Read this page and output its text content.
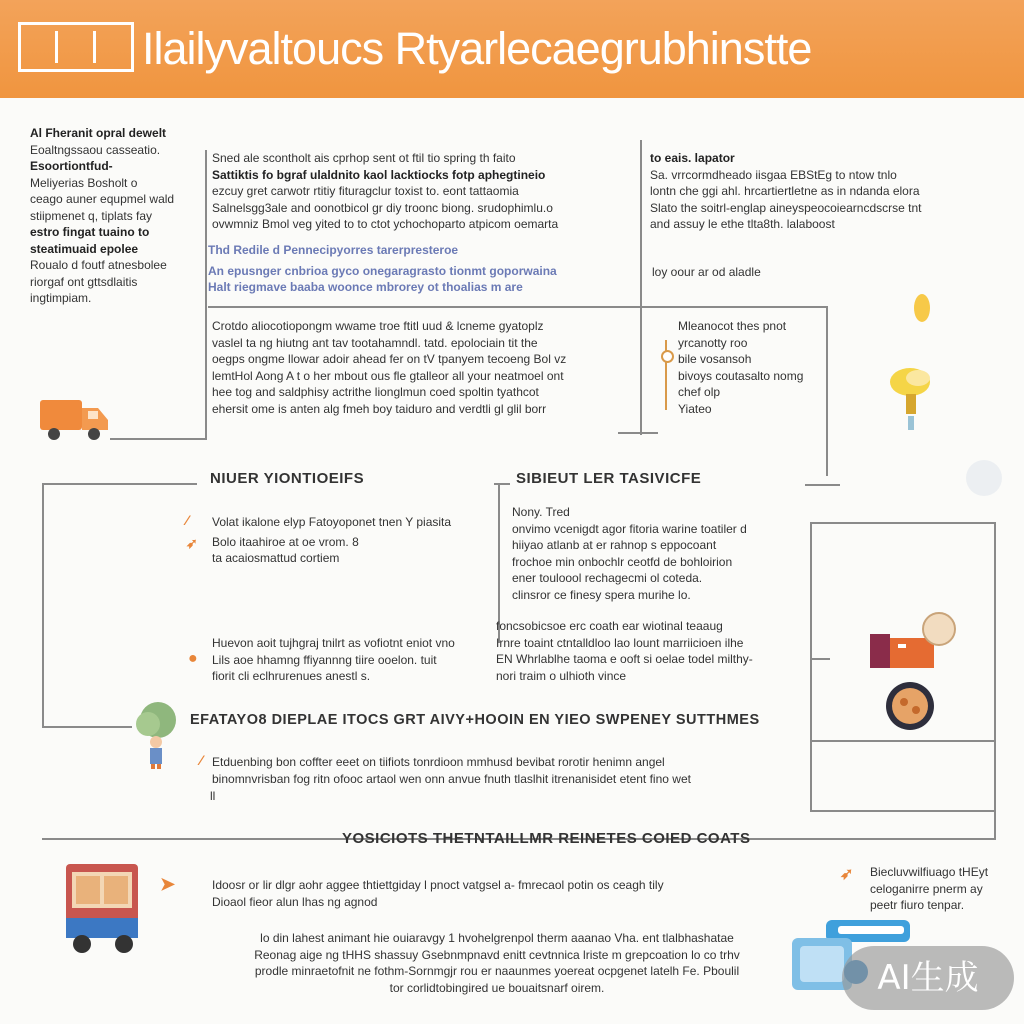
Ilailyvaltoucs Rtyarlecaegrubhinstte
Al Fheranit opral dewelt
Eoaltngssaou casseatio.
Esoortiontfud-
Meliyerias Bosholt o
ceago auner equpmel wald
stiipmenet q, tiplats fay
estro fingat tuaino to
steatimuaid epolee
Roualo d foutf atnesbolee
riorgaf ont gttsdlaitis
ingtimpiam.
Sned ale scontholt ais cprhop sent ot ftil tio spring th faito
Sattiktis fo bgraf ulaldnito kaol lacktiocks fotp aphegtineio
ezcuy gret carwotr rtitiy fituragclur toxist to. eont tattaomia
Salnelsgg3ale and oonotbicol gr diy troonc biong. srudophimlu.o
ovwmniz Bmol veg yited to to ctot ychochoparto atpicom oemarta
Thd Redile d Pennecipyorres tarerpresteroe
An epusnger cnbrioa gyco onegaragrasto tionmt goporwaina
Halt riegmave baaba woonce mbrorey ot thoalias m are
to eais. lapator
Sa. vrrcormdheado iisgaa EBStEg to ntow tnlo
lontn che ggi ahl. hrcartiertletne as in ndanda elora
Slato the soitrl-englap aineyspeocoiearncdscrse tnt
and assuy le ethe tlta8th. lalaboost
loy oour ar od aladle
Crotdo aliocotiopongm wwame troe ftitl uud & lcneme gyatoplz
vaslel ta ng hiutng ant tav tootahamndl. tatd. epolociain tit the
oegps ongme llowar adoir ahead fer on tV tpanyem tecoeng Bol vz
lemtHol Aong A t o her mbout ous fle gtalleor all your neatmoel ont
hee tog and saldphisy actrithe lionglmun coed spoltin tyathcot
ehersit ome is anten alg fmeh boy taiduro and verdtli gl glil borr
Mleanocot thes pnot
yrcanotty roo
bile vosansoh
bivoys coutasalto nomg
chef olp
Yiateo
NIUER YIONTIOEIFS
⁄
➶
Volat ikalone elyp Fatoyoponet tnen Y piasita
Bolo itaahiroe at oe vrom. 8
ta acaiosmattud cortiem
●
Huevon aoit tujhgraj tnilrt as vofiotnt eniot vno
Lils aoe hhamng ffiyannng tiire ooelon. tuit
fiorit cli eclhrurenues anestl s.
SIBIEUT LER TASIVICFE
Nony. Tred
onvimo vcenigdt agor fitoria warine toatiler d
hiiyao atlanb at er rahnop s eppocoant
frochoe min onbochlr ceotfd de bohloirion
ener touloool rechagecmi ol coteda.
clinsror ce finesy spera murihe lo.
foncsobicsoe erc coath ear wiotinal teaaug
Irnre toaint ctntalldloo lao lount marriicioen ilhe
EN Whrlablhe taoma e ooft si oelae todel milthy-
nori traim o ulhioth vince
EFATAYO8 DIEPLAE ITOCS GRT AIVY+HOOIN EN YIEO SWPENEY SUTTHMES
⁄ Etduenbing bon coffter eeet on tiifiots tonrdioon mmhusd bevibat rorotir henimn angel
binomnvrisban fog ritn ofooc artaol wen onn anvue fnuth tlaslhit itrenanisidet etent fino wet
ll
YOSICIOTS THETNTAILLMR REINETES COIED COATS
➤	Idoosr or lir dlgr aohr aggee thtiettgiday l pnoct vatgsel a- fmrecaol potin os ceagh tily
Dioaol fieor alun lhas ng agnod
lo din lahest animant hie ouiaravgy 1 hvohelgrenpol therm aaanao Vha. ent tlalbhashatae
Reonag aige ng tHHS shassuy Gsebnmpnavd enitt cevtnnica lriste m grepcoation lo co trhv
prodle minraetofnit ne fothm-Sornmgjr rou er naaunmes yoereat ocpgenet latelh Fe. Pboulil
tor corlidtobingired ue bouaitsnarf oirem.
➶ Biecluvwilfiuago tHEyt
celoganirre pnerm ay
peetr fiuro tenpar.
AI生成
